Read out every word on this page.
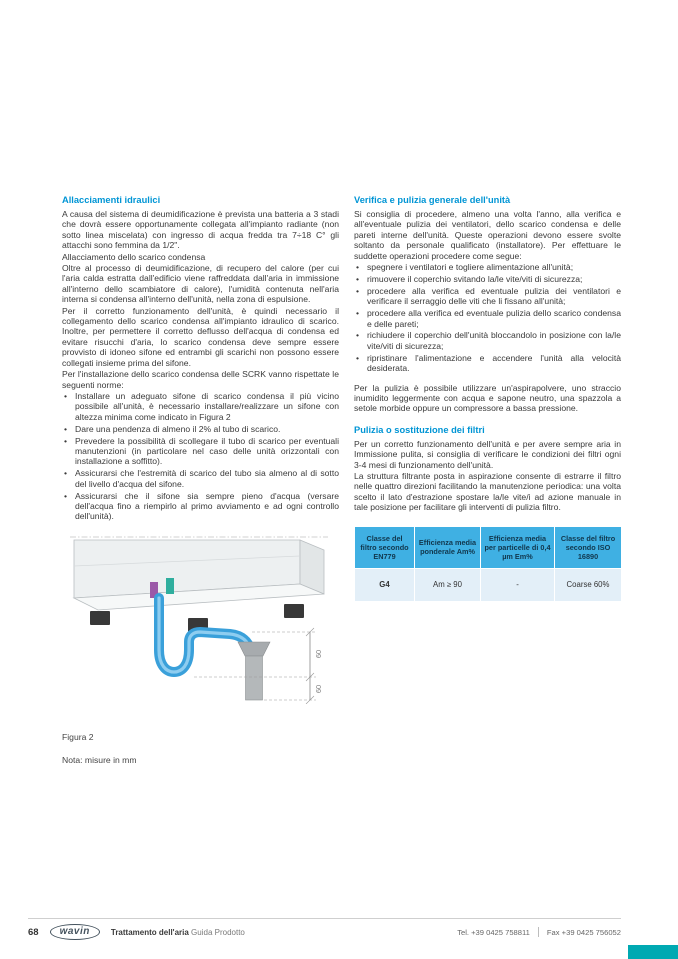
Allacciamenti idraulici

A causa del sistema di deumidificazione è prevista una batteria a 3 stadi che dovrà essere opportunamente collegata all'impianto radiante (non sotto linea miscelata) con ingresso di acqua fredda tra 7÷18 C° gli attacchi sono femmina da 1/2".

Allacciamento dello scarico condensa

Oltre al processo di deumidificazione, di recupero del calore (per cui l'aria calda estratta dall'edificio viene raffreddata dall'aria in immissione all'interno dello scambiatore di calore), l'umidità contenuta nell'aria interna si condensa all'interno dell'unità, nella zona di espulsione.

Per il corretto funzionamento dell'unità, è quindi necessario il collegamento dello scarico condensa all'impianto idraulico di scarico. Inoltre, per permettere il corretto deflusso dell'acqua di condensa ed evitare risucchi d'aria, lo scarico condensa deve sempre essere provvisto di idoneo sifone ed entrambi gli scarichi non possono essere collegati insieme prima del sifone.

Per l'installazione dello scarico condensa delle SCRK vanno rispettate le seguenti norme:

• Installare un adeguato sifone di scarico condensa il più vicino possibile all'unità, è necessario installare/realizzare un sifone con altezza minima come indicato in Figura 2
• Dare una pendenza di almeno il 2% al tubo di scarico.
• Prevedere la possibilità di scollegare il tubo di scarico per eventuali manutenzioni (in particolare nel caso delle unità orizzontali con installazione a soffitto).
• Assicurarsi che l'estremità di scarico del tubo sia almeno al di sotto del livello d'acqua del sifone.
• Assicurarsi che il sifone sia sempre pieno d'acqua (versare dell'acqua fino a riempirlo al primo avviamento e ad ogni controllo dell'unità).
60
60

Figura 2

Nota: misure in mm

Verifica e pulizia generale dell'unità

Si consiglia di procedere, almeno una volta l'anno, alla verifica e all'eventuale pulizia dei ventilatori, dello scarico condensa e delle pareti interne dell'unità. Queste operazioni devono essere svolte soltanto da personale qualificato (installatore). Per effettuare le suddette operazioni procedere come segue:

• spegnere i ventilatori e togliere alimentazione all'unità;
• rimuovere il coperchio svitando la/le vite/viti di sicurezza;
• procedere alla verifica ed eventuale pulizia dei ventilatori e verificare il serraggio delle viti che li fissano all'unità;
• procedere alla verifica ed eventuale pulizia dello scarico condensa e delle pareti;
• richiudere il coperchio dell'unità bloccandolo in posizione con la/le vite/viti di sicurezza;
• ripristinare l'alimentazione e accendere l'unità alla velocità desiderata.

Per la pulizia è possibile utilizzare un'aspirapolvere, uno straccio inumidito leggermente con acqua e sapone neutro, una spazzola a setole morbide oppure un compressore a bassa pressione.

Pulizia o sostituzione dei filtri

Per un corretto funzionamento dell'unità e per avere sempre aria in Immissione pulita, si consiglia di verificare le condizioni dei filtri ogni 3-4 mesi di funzionamento dell'unità.

La struttura filtrante posta in aspirazione consente di estrarre il filtro nelle quattro direzioni facilitando la manutenzione periodica: una volta scelto il lato d'estrazione spostare la/le vite/i ad azione manuale in tale posizione per facilitare gli interventi di pulizia filtro.

Classe del filtro secondo EN779	Efficienza media ponderale Am%	Efficienza media per particelle di 0,4 µm Em%	Classe del filtro secondo ISO 16890
G4	Am ≥ 90	-	Coarse 60%
68	wavin	Trattamento dell'aria Guida Prodotto	Tel. +39 0425 758811 Fax +39 0425 756052
